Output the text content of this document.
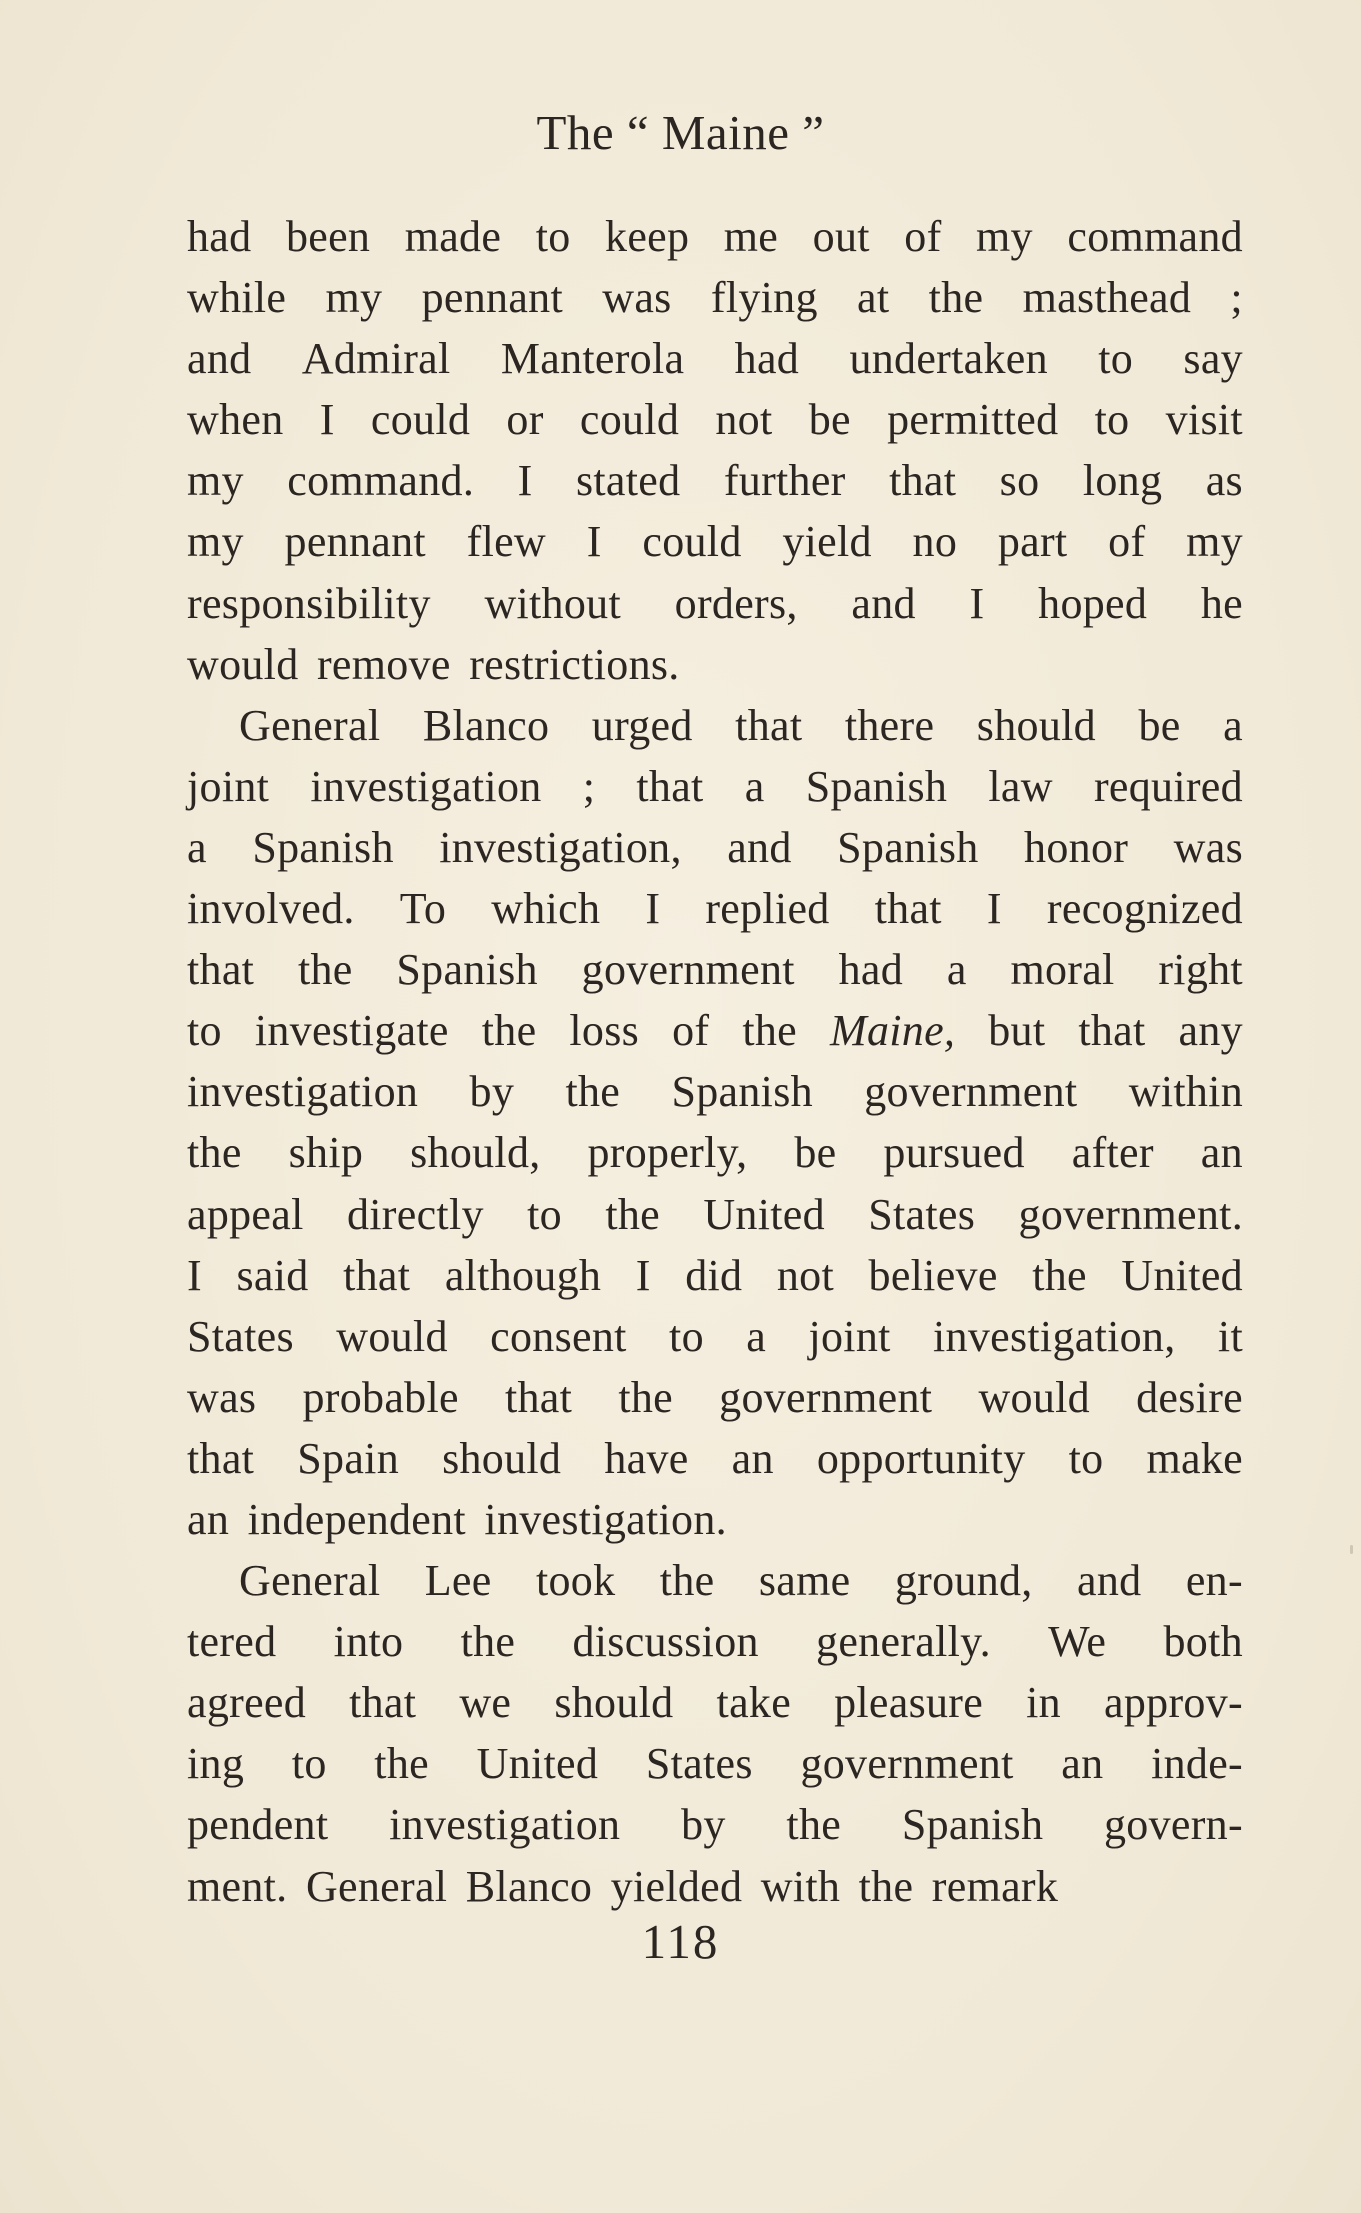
The “ Maine ”
had been made to keep me out of my command
while my pennant was flying at the masthead ;
and Admiral Manterola had undertaken to say
when I could or could not be permitted to visit
my command. I stated further that so long as
my pennant flew I could yield no part of my
responsibility without orders, and I hoped he
would remove restrictions.
General Blanco urged that there should be a
joint investigation ; that a Spanish law required
a Spanish investigation, and Spanish honor was
involved. To which I replied that I recognized
that the Spanish government had a moral right
to investigate the loss of the Maine, but that any
investigation by the Spanish government within
the ship should, properly, be pursued after an
appeal directly to the United States government.
I said that although I did not believe the United
States would consent to a joint investigation, it
was probable that the government would desire
that Spain should have an opportunity to make
an independent investigation.
General Lee took the same ground, and en-
tered into the discussion generally. We both
agreed that we should take pleasure in approv-
ing to the United States government an inde-
pendent investigation by the Spanish govern-
ment. General Blanco yielded with the remark
118
